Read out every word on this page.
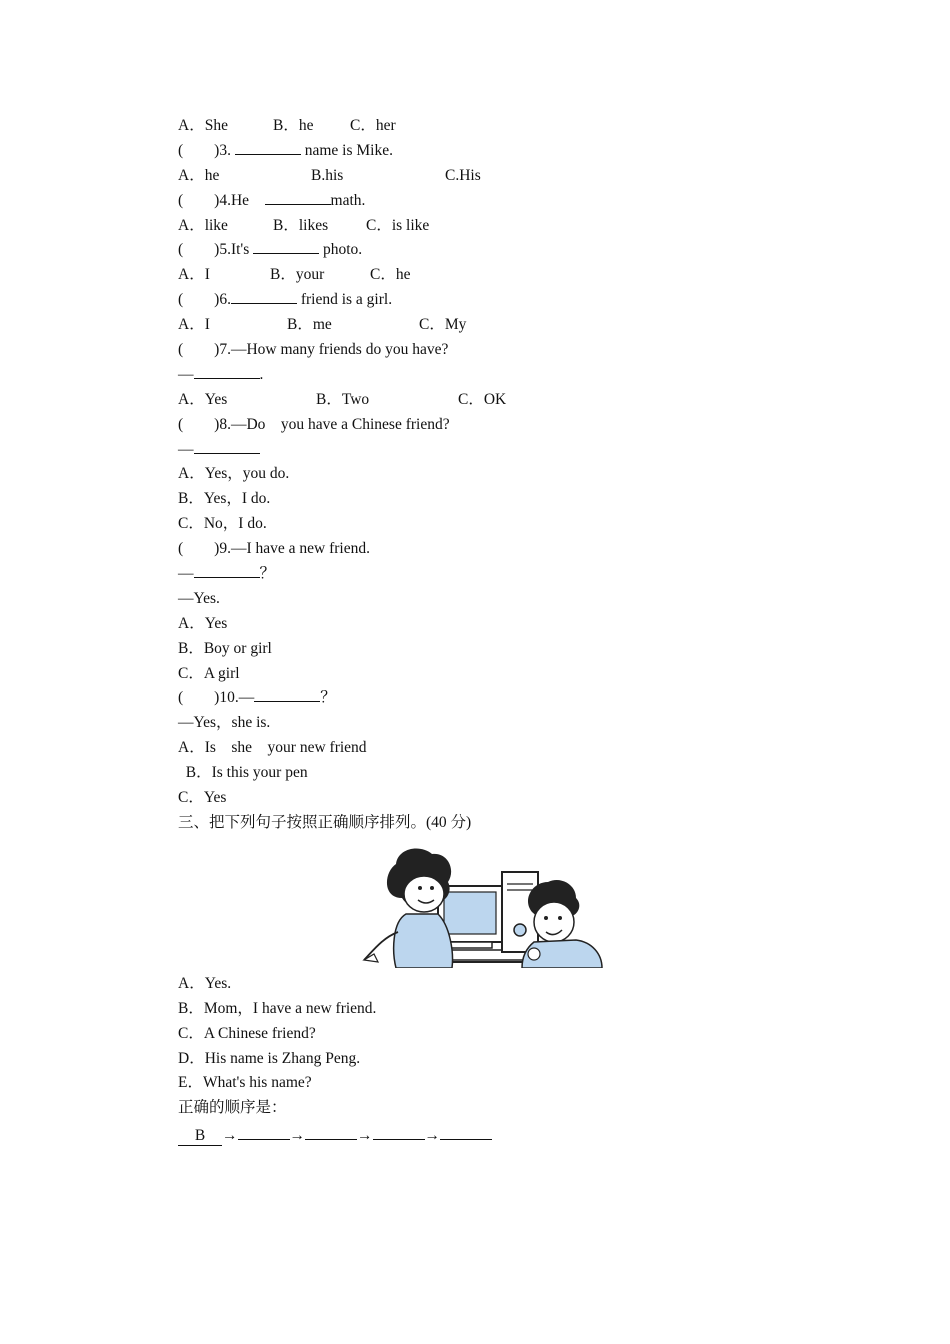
A．She

	B．he

C．her

(        )3.	name is Mike.

A．he

	B.his

	C.His

(        )4.He	math.

A．like

	B．likes

C．is like

(        )5.It's	photo.

A．I

	B．your

	C．he

(        )6.	friend is a girl.

A．I

	B．me

	C．My

(        )7.—How many friends do you have?
—	.

A．Yes

	B．Two

	C．OK

(        )8.—Do    you have a Chinese friend?
—
A．Yes，you do.
B．Yes，I do.
C．No，I do.
(        )9.—I have a new friend.
—	？
—Yes.
A．Yes
B．Boy or girl
C．A girl
(        )10.—	？
—Yes，she is.
A．Is    she    your new friend
B．Is this your pen
C．Yes
三、把下列句子按照正确顺序排列。(40 分)
A．Yes.
B．Mom，I have a new friend.
C．A Chinese friend?
D．His name is Zhang Peng.
E．What's his name?
正确的顺序是：
B →	→	→	→
